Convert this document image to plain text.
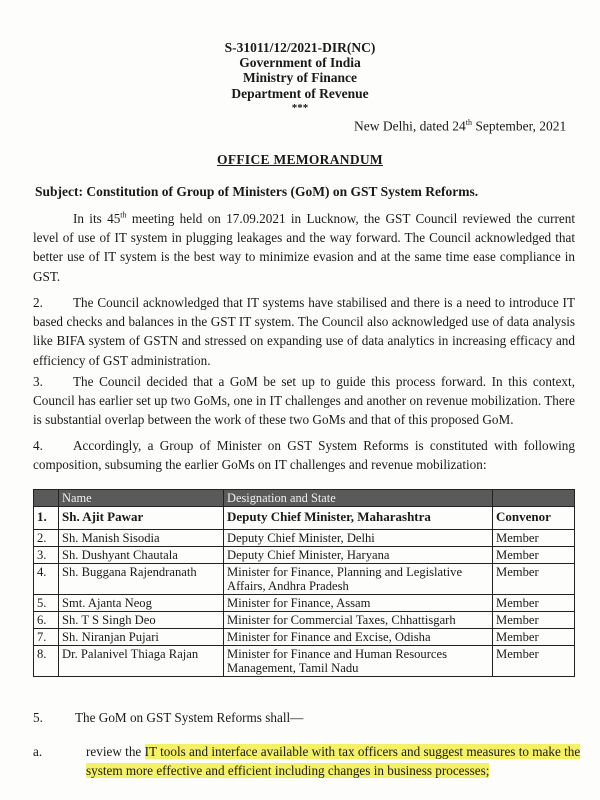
S-31011/12/2021-DIR(NC)
Government of India
Ministry of Finance
Department of Revenue
***
New Delhi, dated 24th September, 2021
OFFICE MEMORANDUM
Subject: Constitution of Group of Ministers (GoM) on GST System Reforms.
In its 45th meeting held on 17.09.2021 in Lucknow, the GST Council reviewed the current level of use of IT system in plugging leakages and the way forward. The Council acknowledged that better use of IT system is the best way to minimize evasion and at the same time ease compliance in GST.
2. The Council acknowledged that IT systems have stabilised and there is a need to introduce IT based checks and balances in the GST IT system. The Council also acknowledged use of data analysis like BIFA system of GSTN and stressed on expanding use of data analytics in increasing efficacy and efficiency of GST administration.
3. The Council decided that a GoM be set up to guide this process forward. In this context, Council has earlier set up two GoMs, one in IT challenges and another on revenue mobilization. There is substantial overlap between the work of these two GoMs and that of this proposed GoM.
4. Accordingly, a Group of Minister on GST System Reforms is constituted with following composition, subsuming the earlier GoMs on IT challenges and revenue mobilization:
	Name	Designation and State	
1.	Sh. Ajit Pawar	Deputy Chief Minister, Maharashtra	Convenor
2.	Sh. Manish Sisodia	Deputy Chief Minister, Delhi	Member
3.	Sh. Dushyant Chautala	Deputy Chief Minister, Haryana	Member
4.	Sh. Buggana Rajendranath	Minister for Finance, Planning and Legislative Affairs, Andhra Pradesh	Member
5.	Smt. Ajanta Neog	Minister for Finance, Assam	Member
6.	Sh. T S Singh Deo	Minister for Commercial Taxes, Chhattisgarh	Member
7.	Sh. Niranjan Pujari	Minister for Finance and Excise, Odisha	Member
8.	Dr. Palanivel Thiaga Rajan	Minister for Finance and Human Resources Management, Tamil Nadu	Member
5. The GoM on GST System Reforms shall—
a.	review the IT tools and interface available with tax officers and suggest measures to make the system more effective and efficient including changes in business processes;
